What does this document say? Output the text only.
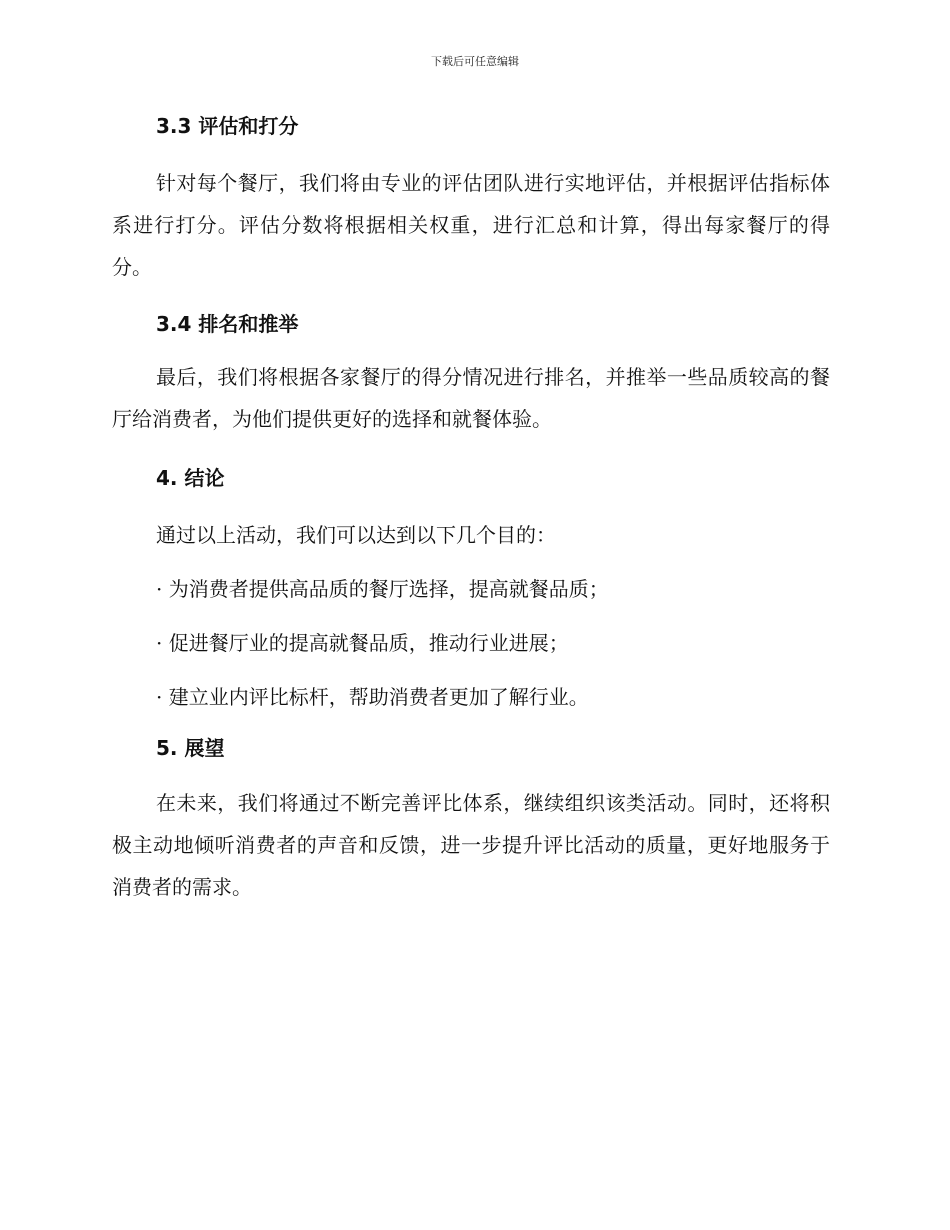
下载后可任意编辑
3.3 评估和打分

针对每个餐厅，我们将由专业的评估团队进行实地评估，并根据评估指标体系进行打分。评估分数将根据相关权重，进行汇总和计算，得出每家餐厅的得分。

3.4 排名和推举

最后，我们将根据各家餐厅的得分情况进行排名，并推举一些品质较高的餐厅给消费者，为他们提供更好的选择和就餐体验。

4. 结论

通过以上活动，我们可以达到以下几个目的：

· 为消费者提供高品质的餐厅选择，提高就餐品质；

· 促进餐厅业的提高就餐品质，推动行业进展；

· 建立业内评比标杆，帮助消费者更加了解行业。

5. 展望

在未来，我们将通过不断完善评比体系，继续组织该类活动。同时，还将积极主动地倾听消费者的声音和反馈，进一步提升评比活动的质量，更好地服务于消费者的需求。
